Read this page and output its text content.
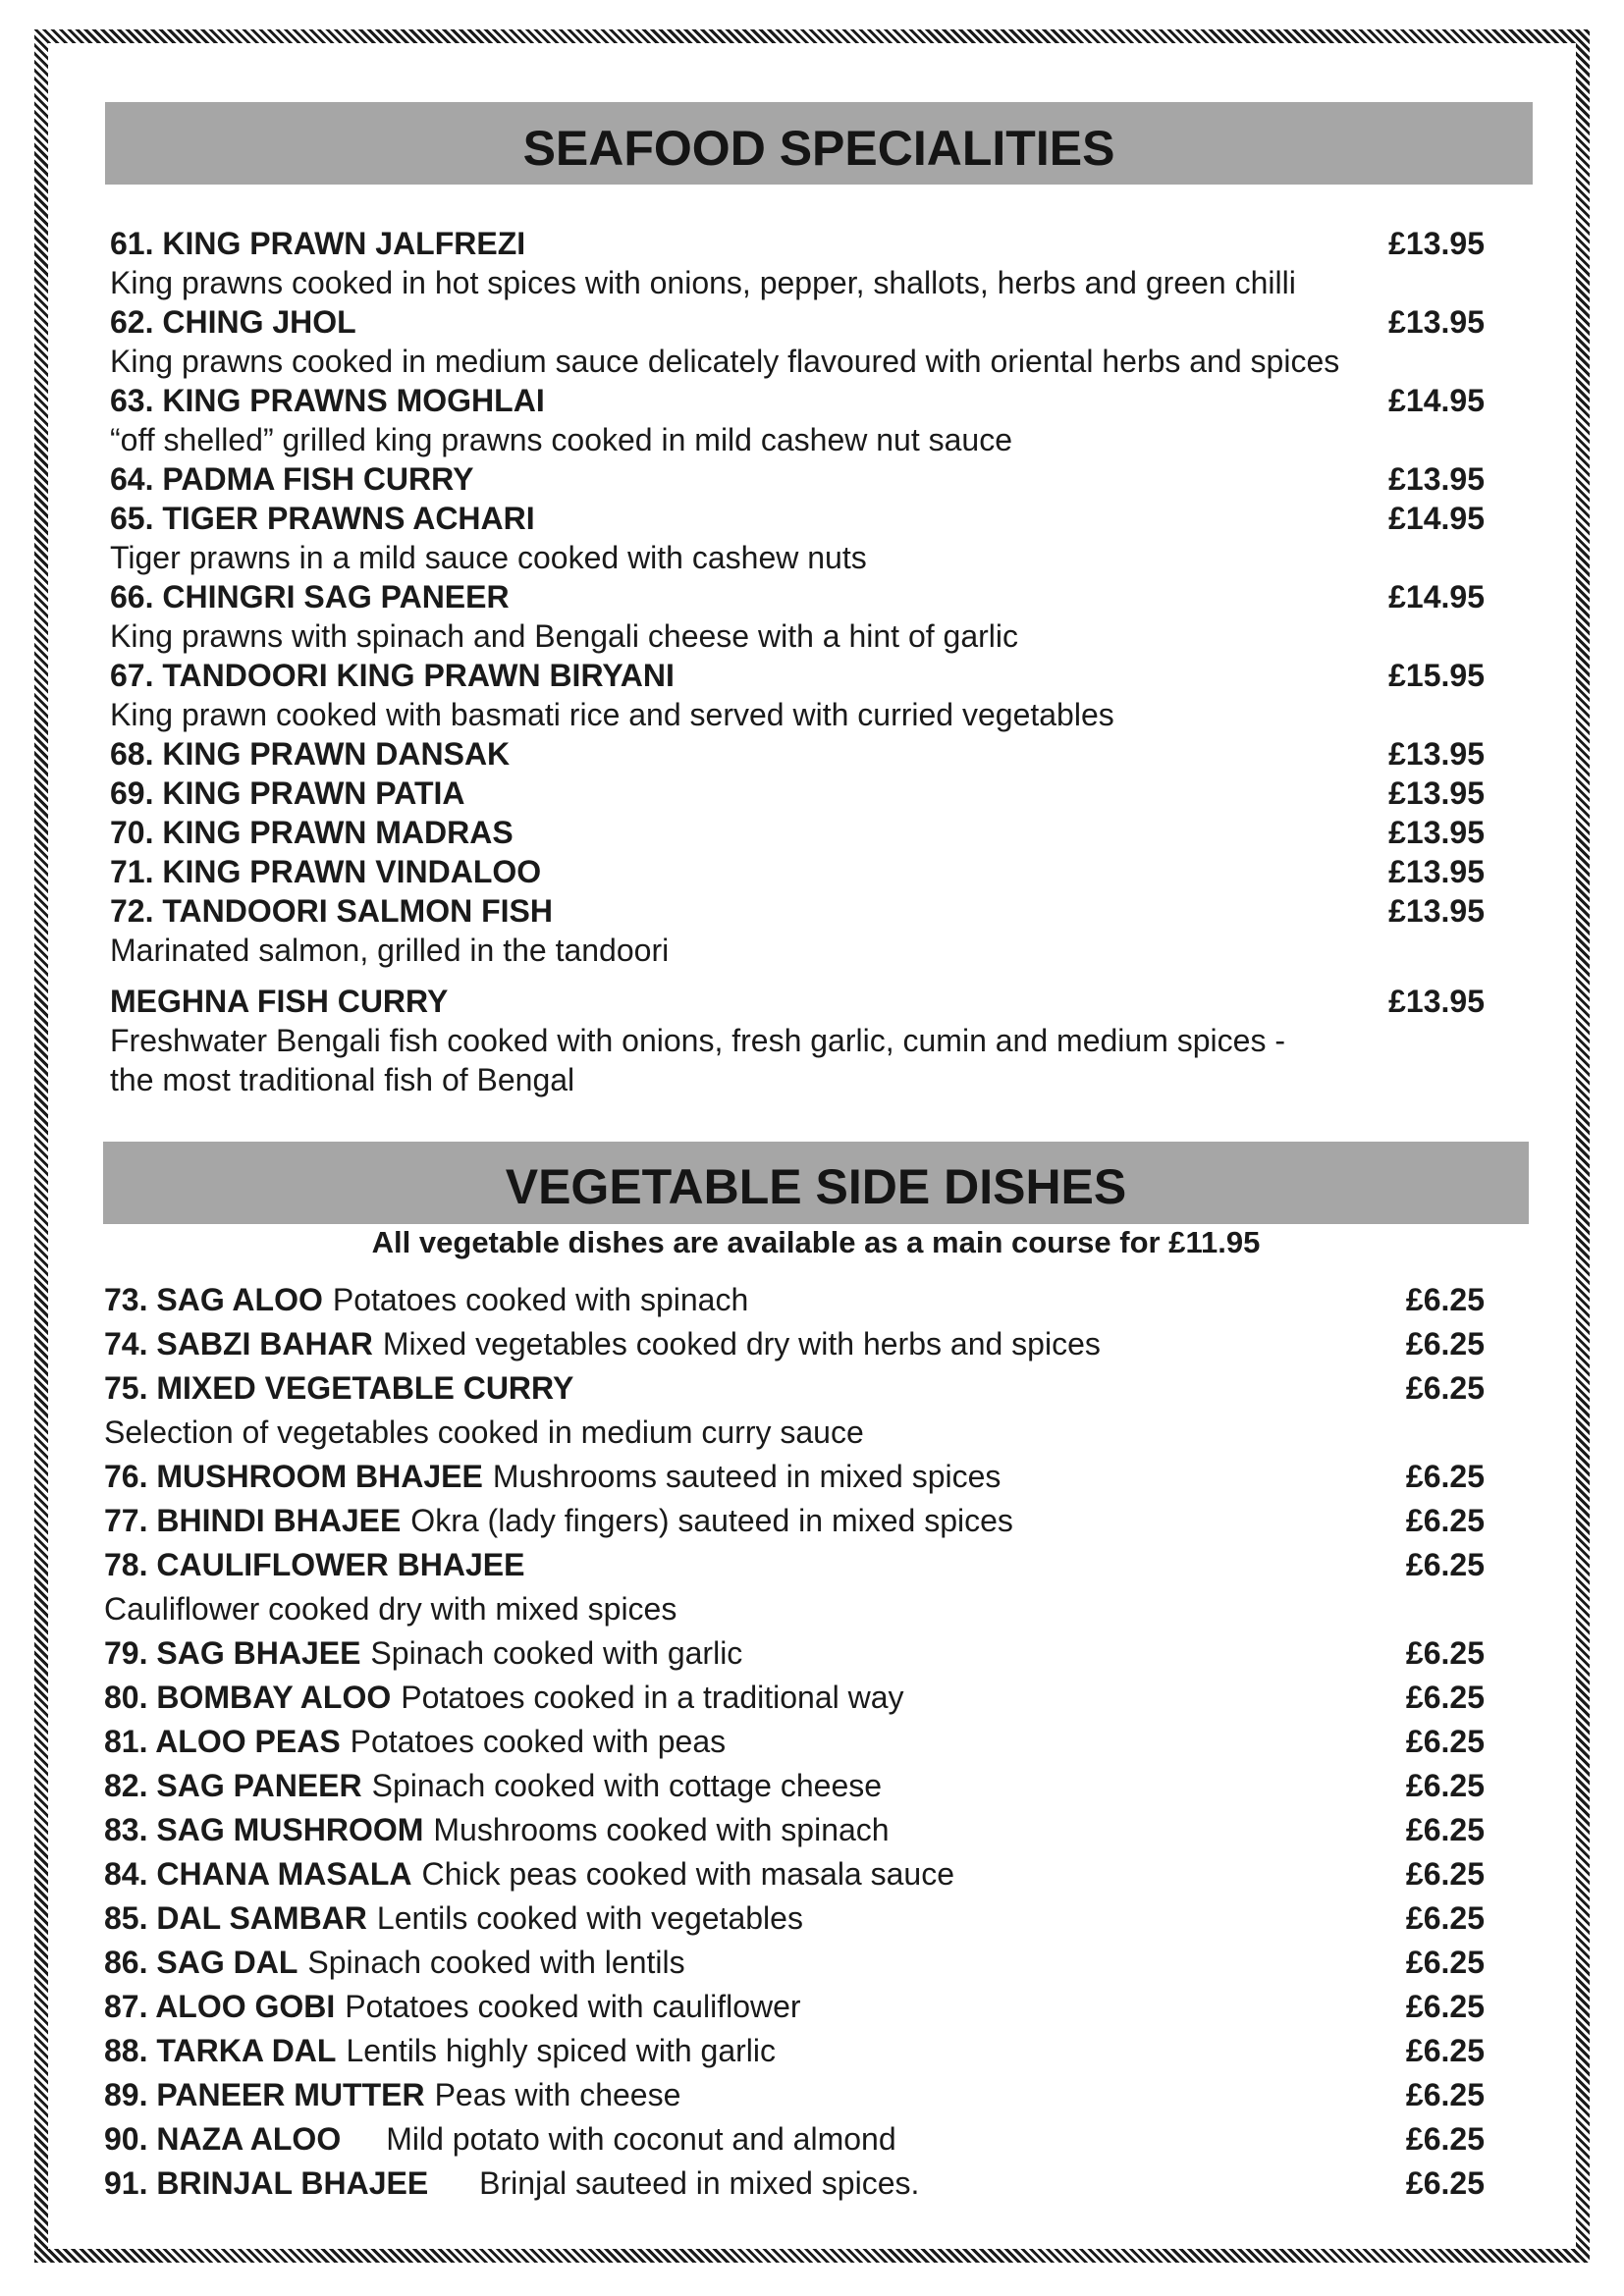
SEAFOOD SPECIALITIES
61. KING PRAWN JALFREZI	£13.95
King prawns cooked in hot spices with onions, pepper, shallots, herbs and green chilli
62. CHING JHOL	£13.95
King prawns cooked in medium sauce delicately flavoured with oriental herbs and spices
63. KING PRAWNS MOGHLAI	£14.95
“off shelled” grilled king prawns cooked in mild cashew nut sauce
64. PADMA FISH CURRY	£13.95
65. TIGER PRAWNS ACHARI	£14.95
Tiger prawns in a mild sauce cooked with cashew nuts
66. CHINGRI SAG PANEER	£14.95
King prawns with spinach and Bengali cheese with a hint of garlic
67. TANDOORI KING PRAWN BIRYANI	£15.95
King prawn cooked with basmati rice and served with curried vegetables
68. KING PRAWN DANSAK	£13.95
69. KING PRAWN PATIA	£13.95
70. KING PRAWN MADRAS	£13.95
71. KING PRAWN VINDALOO	£13.95
72. TANDOORI SALMON FISH	£13.95
Marinated salmon, grilled in the tandoori
MEGHNA FISH CURRY	£13.95
Freshwater Bengali fish cooked with onions, fresh garlic, cumin and medium spices -
the most traditional fish of Bengal
VEGETABLE SIDE DISHES
All vegetable dishes are available as a main course for £11.95
73. SAG ALOO Potatoes cooked with spinach	£6.25
74. SABZI BAHAR Mixed vegetables cooked dry with herbs and spices	£6.25
75. MIXED VEGETABLE CURRY	£6.25
Selection of vegetables cooked in medium curry sauce
76. MUSHROOM BHAJEE Mushrooms sauteed in mixed spices	£6.25
77. BHINDI BHAJEE Okra (lady fingers) sauteed in mixed spices	£6.25
78. CAULIFLOWER BHAJEE	£6.25
Cauliflower cooked dry with mixed spices
79. SAG BHAJEE Spinach cooked with garlic	£6.25
80. BOMBAY ALOO Potatoes cooked in a traditional way	£6.25
81. ALOO PEAS Potatoes cooked with peas	£6.25
82. SAG PANEER Spinach cooked with cottage cheese	£6.25
83. SAG MUSHROOM Mushrooms cooked with spinach	£6.25
84. CHANA MASALA Chick peas cooked with masala sauce	£6.25
85. DAL SAMBAR Lentils cooked with vegetables	£6.25
86. SAG DAL Spinach cooked with lentils	£6.25
87. ALOO GOBI Potatoes cooked with cauliflower	£6.25
88. TARKA DAL Lentils highly spiced with garlic	£6.25
89. PANEER MUTTER Peas with cheese	£6.25
90. NAZA ALOO Mild potato with coconut and almond	£6.25
91. BRINJAL BHAJEE Brinjal sauteed in mixed spices.	£6.25
